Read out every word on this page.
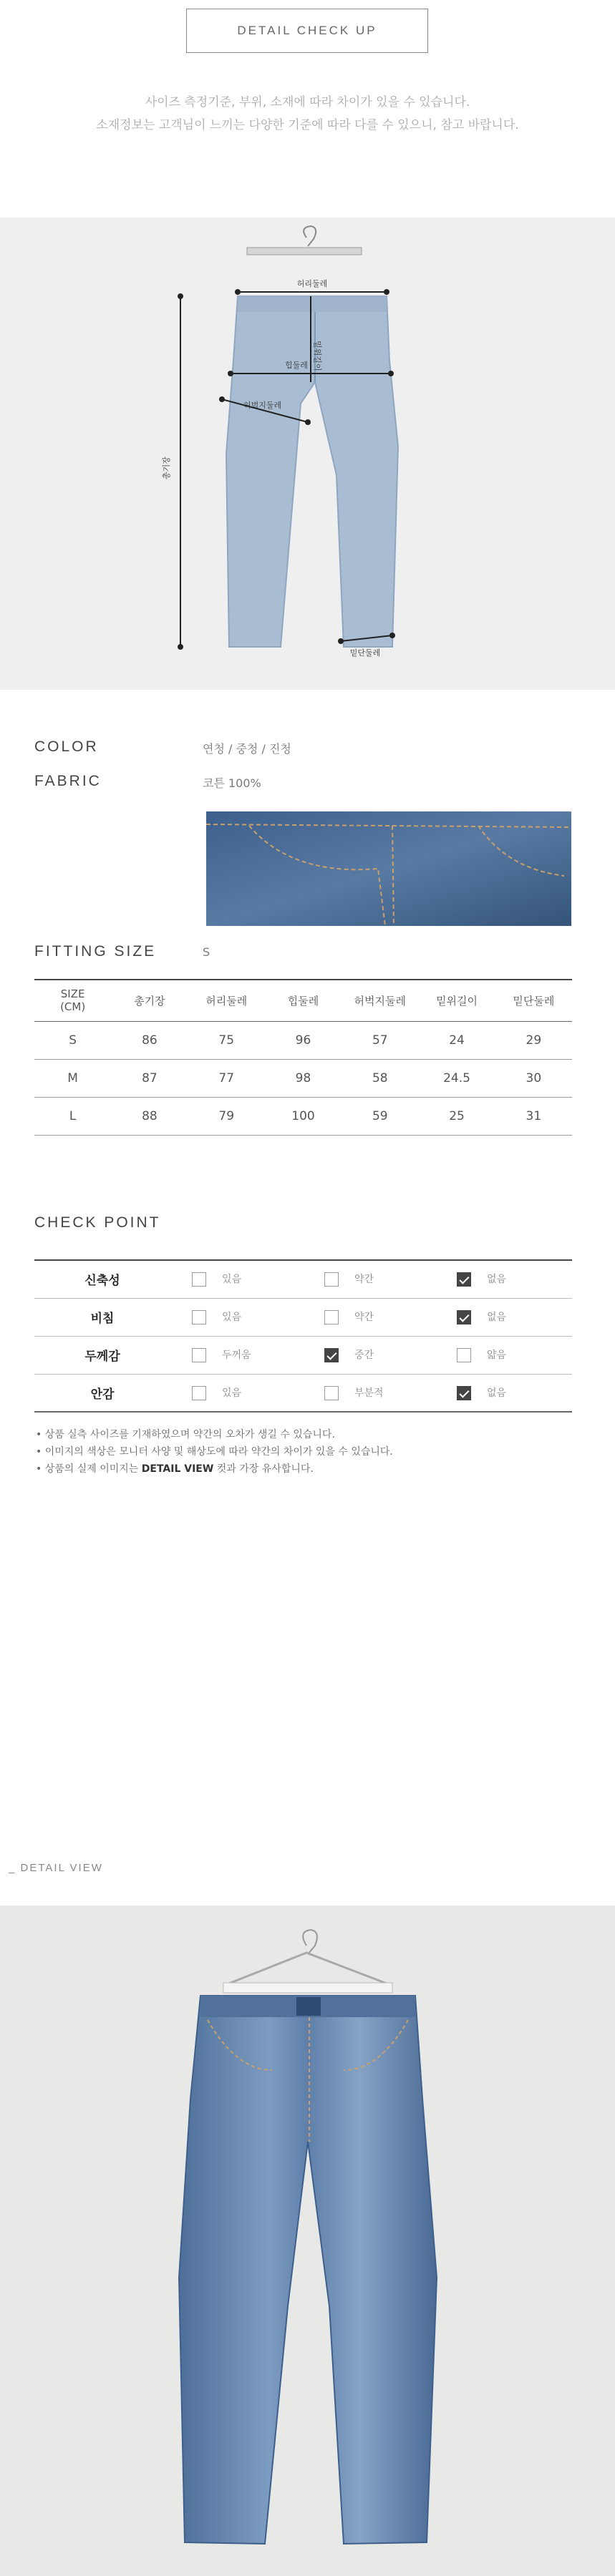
DETAIL CHECK UP
사이즈 측정기준, 부위, 소재에 따라 차이가 있을 수 있습니다.
소재정보는 고객님이 느끼는 다양한 기준에 따라 다를 수 있으니, 참고 바랍니다.
허리둘레
밑위길이
힙둘레
허벅지둘레
총기장
밑단둘레
COLOR	연청 / 중청 / 진청
FABRIC	코튼 100%
FITTING SIZE	S
SIZE
(CM)	총기장	허리둘레	힙둘레	허벅지둘레	밑위길이	밑단둘레
S	86	75	96	57	24	29
M	87	77	98	58	24.5	30
L	88	79	100	59	25	31
CHECK POINT
신축성	있음	약간	없음
비침	있음	약간	없음
두께감	두꺼움	중간	얇음
안감	있음	부분적	없음
• 상품 실측 사이즈를 기재하였으며 약간의 오차가 생길 수 있습니다.
• 이미지의 색상은 모니터 사양 및 해상도에 따라 약간의 차이가 있을 수 있습니다.
• 상품의 실제 이미지는 DETAIL VIEW 컷과 가장 유사합니다.
_ DETAIL VIEW
